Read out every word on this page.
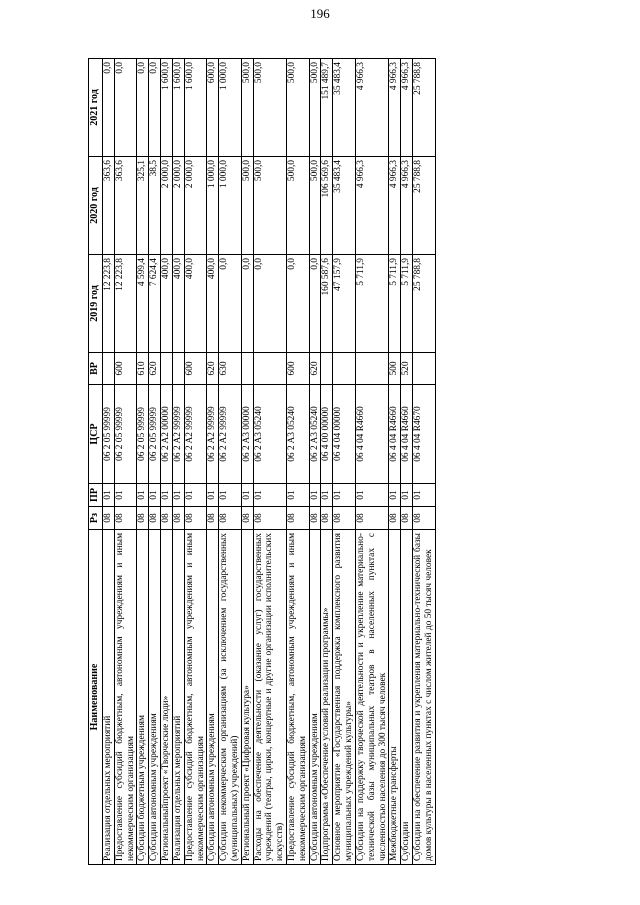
196
Наименование	Рз	ПР	ЦСР	ВР	2019 год	2020 год	2021 год
Реализация отдельных мероприятий	08	01	06 2 05 99999		12 223,8	363,6	0,0
Предоставление субсидий бюджетным, автономным учреждениям и иным некоммерческим организациям	08	01	06 2 05 99999	600	12 223,8	363,6	0,0
Субсидии бюджетным учреждениям	08	01	06 2 05 99999	610	4 599,4	325,1	0,0
Субсидии автономным учреждениям	08	01	06 2 05 99999	620	7 624,4	38,5	0,0
Региональныйпроект «Творческие люди»	08	01	06 2 A2 00000		400,0	2 000,0	1 600,0
Реализация отдельных мероприятий	08	01	06 2 A2 99999		400,0	2 000,0	1 600,0
Предоставление субсидий бюджетным, автономным учреждениям и иным некоммерческим организациям	08	01	06 2 A2 99999	600	400,0	2 000,0	1 600,0
Субсидии автономным учреждениям	08	01	06 2 A2 99999	620	400,0	1 000,0	600,0
Субсидии некоммерческим организациям (за исключением государственных (муниципальных) учреждений)	08	01	06 2 A2 99999	630	0,0	1 000,0	1 000,0
Региональный проект «Цифровая культура»	08	01	06 2 A3 00000		0,0	500,0	500,0
Расходы на обеспечение деятельности (оказание услуг) государственных учреждений (театры, цирки, концертные и другие организации исполнительских искусств)	08	01	06 2 A3 05240		0,0	500,0	500,0
Предоставление субсидий бюджетным, автономным учреждениям и иным некоммерческим организациям	08	01	06 2 A3 05240	600	0,0	500,0	500,0
Субсидии автономным учреждениям	08	01	06 2 A3 05240	620	0,0	500,0	500,0
Подпрограмма «Обеспечение условий реализации программы»	08	01	06 4 00 00000		160 587,6	106 569,6	151 489,7
Основное мероприятие «Государственная поддержка комплексного развития муниципальных учреждений культуры»	08	01	06 4 04 00000		47 157,9	35 483,4	35 483,4
Субсидии на поддержку творческой деятельности и укрепление материально-технической базы муниципальных театров в населенных пунктах с численностью населения до 300 тысяч человек	08	01	06 4 04 R4660		5 711,9	4 966,3	4 966,3
Межбюджетные трансферты	08	01	06 4 04 R4660	500	5 711,9	4 966,3	4 966,3
Субсидии	08	01	06 4 04 R4660	520	5 711,9	4 966,3	4 966,3
Субсидии на обеспечение развития и укрепления материально-технической базы домов культуры в населенных пунктах с числом жителей до 50 тысяч человек	08	01	06 4 04 R4670		25 788,8	25 788,8	25 788,8
